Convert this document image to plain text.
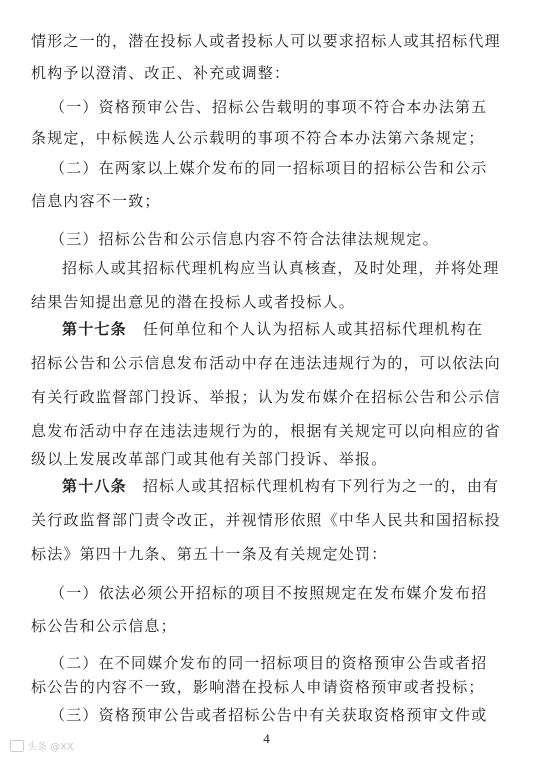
情形之一的，潜在投标人或者投标人可以要求招标人或其招标代理
机构予以澄清、改正、补充或调整：
（一）资格预审公告、招标公告载明的事项不符合本办法第五
条规定，中标候选人公示载明的事项不符合本办法第六条规定；
（二）在两家以上媒介发布的同一招标项目的招标公告和公示
信息内容不一致；
（三）招标公告和公示信息内容不符合法律法规规定。
招标人或其招标代理机构应当认真核查，及时处理，并将处理
结果告知提出意见的潜在投标人或者投标人。
第十七条 任何单位和个人认为招标人或其招标代理机构在
招标公告和公示信息发布活动中存在违法违规行为的，可以依法向
有关行政监督部门投诉、举报；认为发布媒介在招标公告和公示信
息发布活动中存在违法违规行为的，根据有关规定可以向相应的省
级以上发展改革部门或其他有关部门投诉、举报。
第十八条 招标人或其招标代理机构有下列行为之一的，由有
关行政监督部门责令改正，并视情形依照《中华人民共和国招标投
标法》第四十九条、第五十一条及有关规定处罚：
（一）依法必须公开招标的项目不按照规定在发布媒介发布招
标公告和公示信息；
（二）在不同媒介发布的同一招标项目的资格预审公告或者招
标公告的内容不一致，影响潜在投标人申请资格预审或者投标；
（三）资格预审公告或者招标公告中有关获取资格预审文件或
4
头条 @XX
